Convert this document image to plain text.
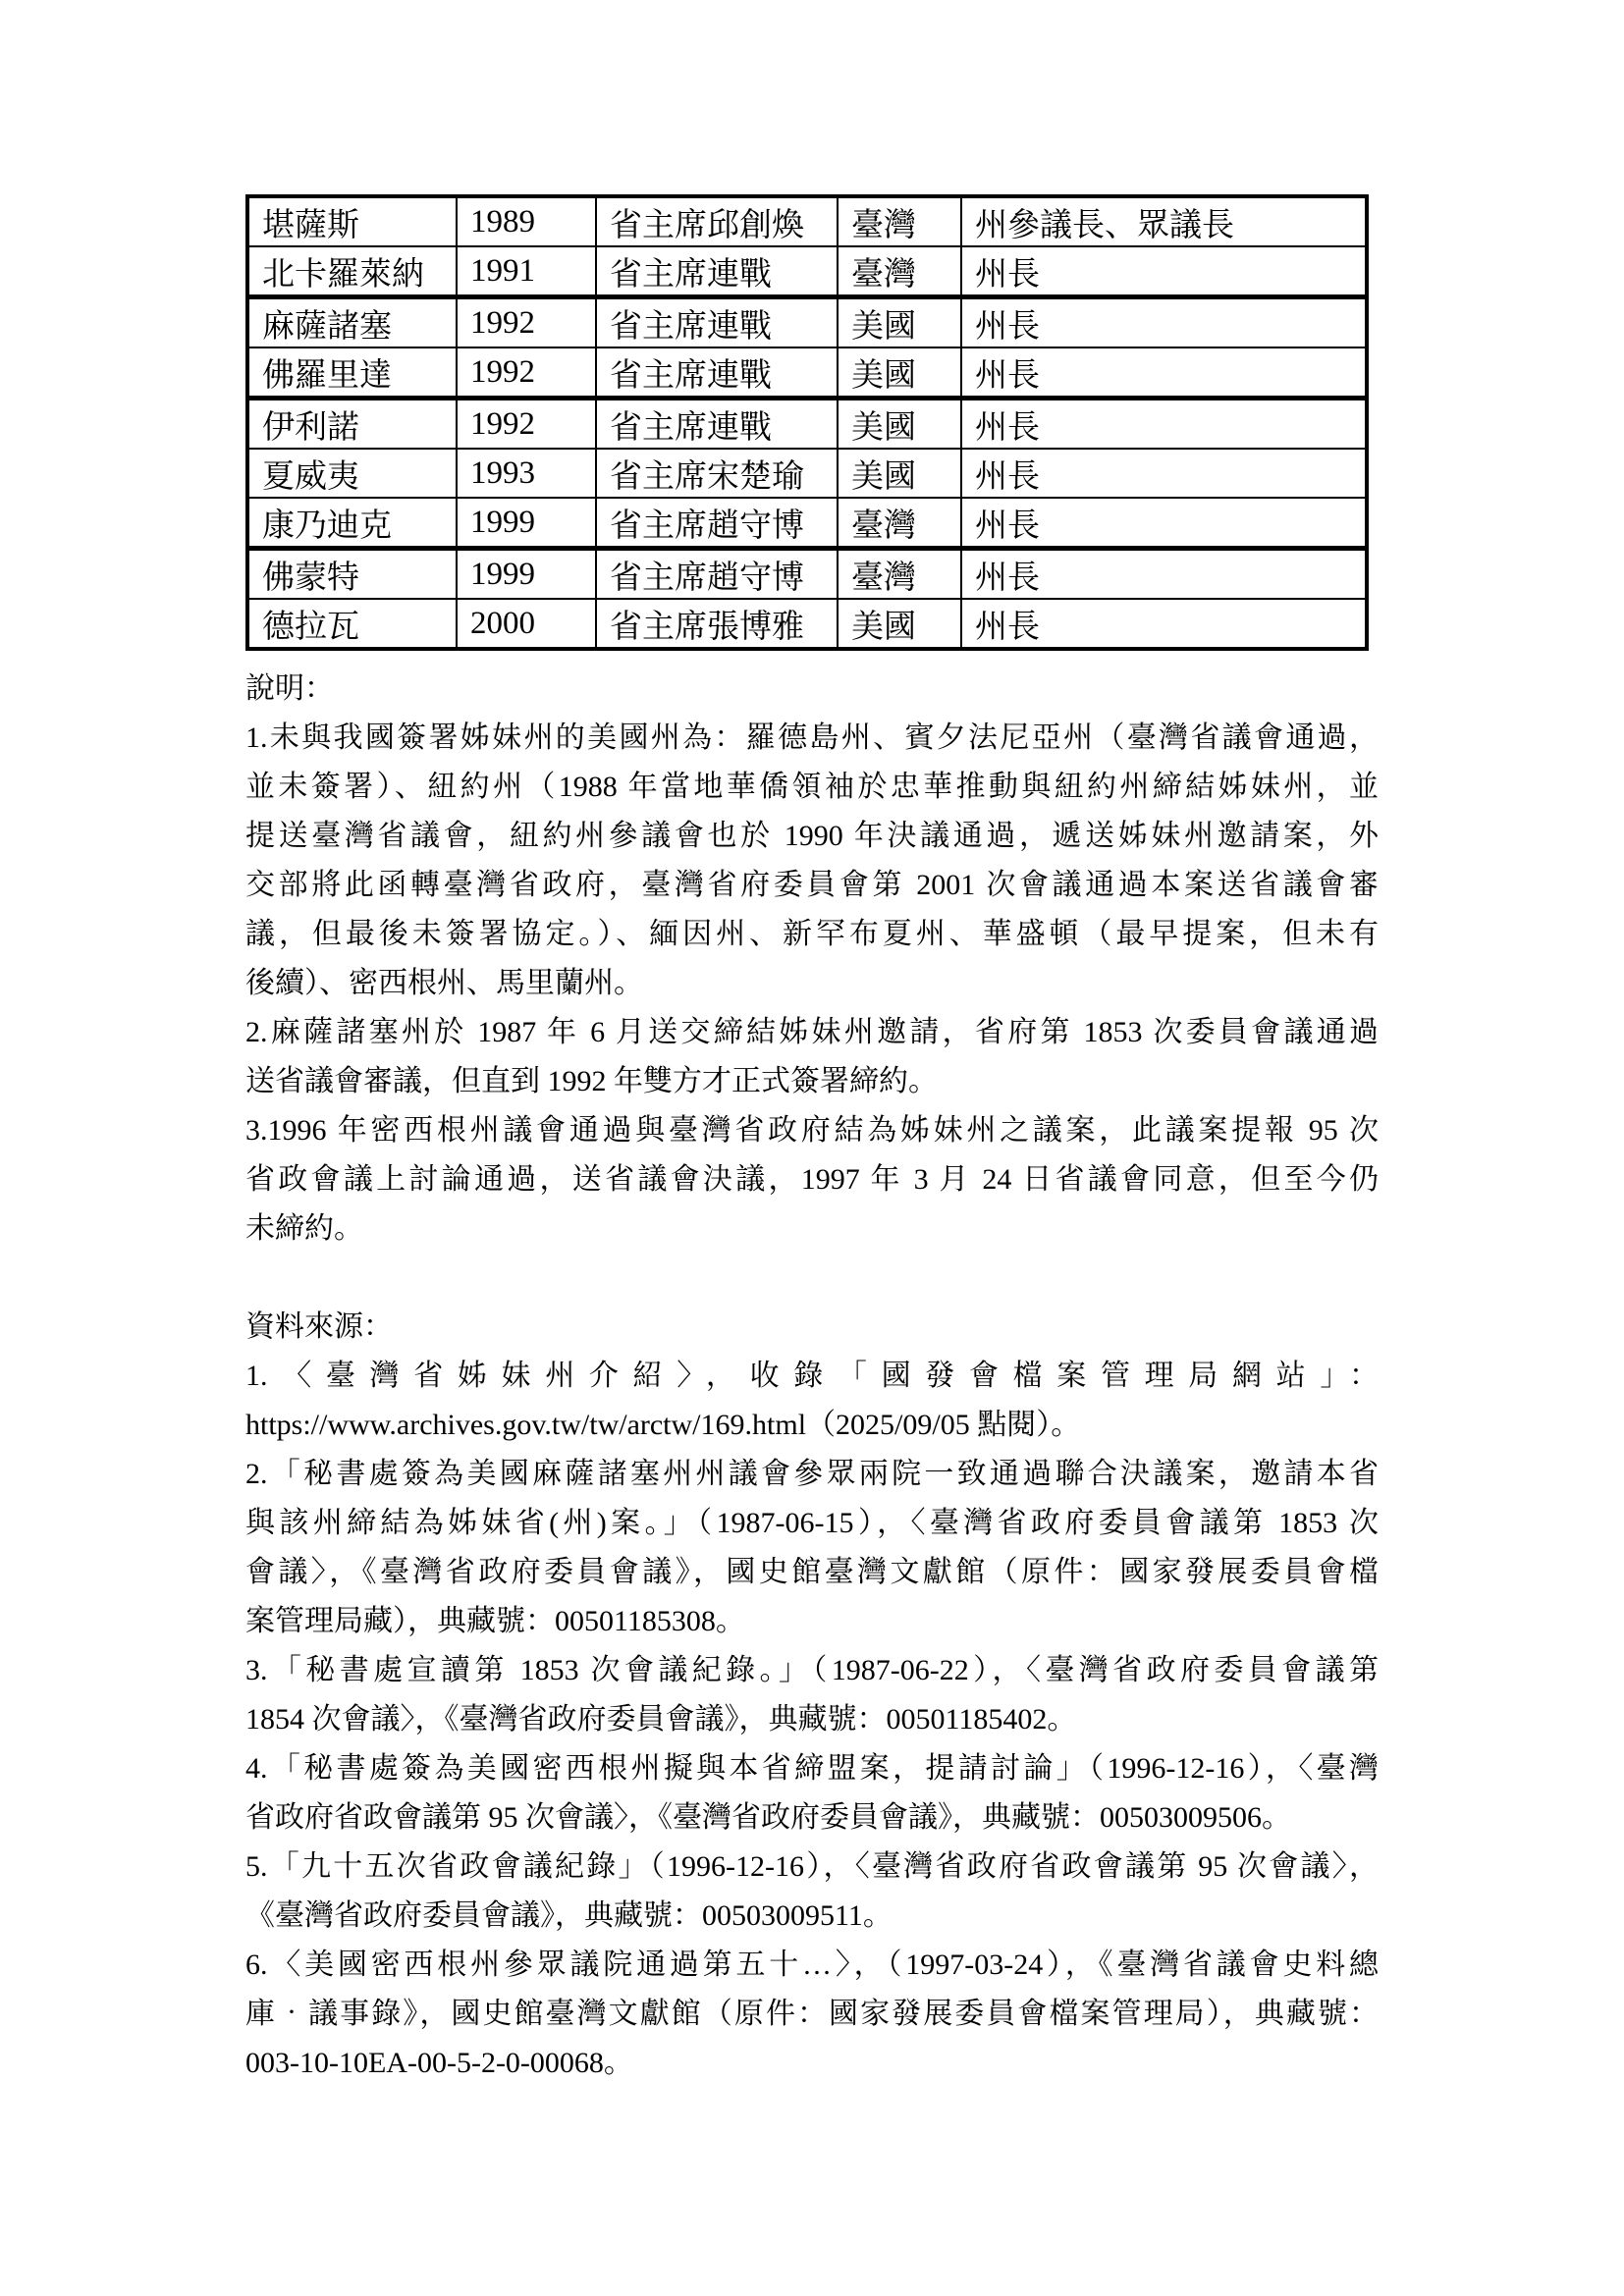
堪薩斯	1989	省主席邱創煥	臺灣	州參議長、眾議長
北卡羅萊納	1991	省主席連戰	臺灣	州長
麻薩諸塞	1992	省主席連戰	美國	州長
佛羅里達	1992	省主席連戰	美國	州長
伊利諾	1992	省主席連戰	美國	州長
夏威夷	1993	省主席宋楚瑜	美國	州長
康乃迪克	1999	省主席趙守博	臺灣	州長
佛蒙特	1999	省主席趙守博	臺灣	州長
德拉瓦	2000	省主席張博雅	美國	州長
說明：
1.未與我國簽署姊妹州的美國州為：羅德島州、賓夕法尼亞州（臺灣省議會通過，
並未簽署）、紐約州（1988 年當地華僑領袖於忠華推動與紐約州締結姊妹州，並
提送臺灣省議會，紐約州參議會也於 1990 年決議通過，遞送姊妹州邀請案，外
交部將此函轉臺灣省政府，臺灣省府委員會第 2001 次會議通過本案送省議會審
議，但最後未簽署協定。）、緬因州、新罕布夏州、華盛頓（最早提案，但未有
後續）、密西根州、馬里蘭州。
2.麻薩諸塞州於 1987 年 6 月送交締結姊妹州邀請，省府第 1853 次委員會議通過
送省議會審議，但直到 1992 年雙方才正式簽署締約。
3.1996 年密西根州議會通過與臺灣省政府結為姊妹州之議案，此議案提報 95 次
省政會議上討論通過，送省議會決議，1997 年 3 月 24 日省議會同意，但至今仍
未締約。
資料來源：
1.〈臺灣省姊妹州介紹〉，收錄「國發會檔案管理局網站」：
https://www.archives.gov.tw/tw/arctw/169.html（2025/09/05 點閱）。
2.「秘書處簽為美國麻薩諸塞州州議會參眾兩院一致通過聯合決議案，邀請本省
與該州締結為姊妹省(州)案。」（1987-06-15），〈臺灣省政府委員會議第 1853 次
會議〉，《臺灣省政府委員會議》，國史館臺灣文獻館（原件：國家發展委員會檔
案管理局藏），典藏號：00501185308。
3.「秘書處宣讀第 1853 次會議紀錄。」（1987-06-22），〈臺灣省政府委員會議第
1854 次會議〉，《臺灣省政府委員會議》，典藏號：00501185402。
4.「秘書處簽為美國密西根州擬與本省締盟案，提請討論」（1996-12-16），〈臺灣
省政府省政會議第 95 次會議〉，《臺灣省政府委員會議》，典藏號：00503009506。
5.「九十五次省政會議紀錄」（1996-12-16），〈臺灣省政府省政會議第 95 次會議〉，
《臺灣省政府委員會議》，典藏號：00503009511。
6.〈美國密西根州參眾議院通過第五十…〉，（1997-03-24），《臺灣省議會史料總
庫‧議事錄》，國史館臺灣文獻館（原件：國家發展委員會檔案管理局），典藏號：
003-10-10EA-00-5-2-0-00068。
